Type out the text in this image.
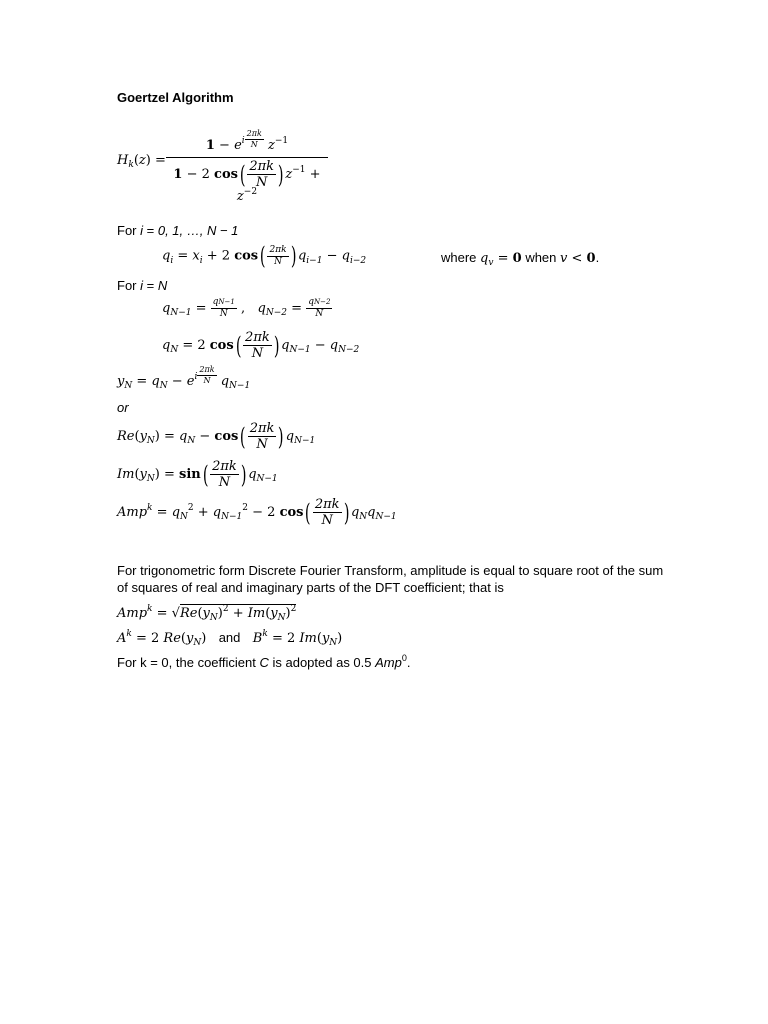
Goertzel Algorithm
$H_k(z)$ =
$1 - e^i \frac{2\pi k}{N} z^{-1}$
1 − 2 $\cos( \frac{2\pi k}{N}$ ) $z^{-1} + z^{-2}$
For i = 0, 1, …, N − 1
$q_i = x_i + 2$ $\cos( \frac{2\pi k}{N}$ ) $q_{i-1} - q_{i-2}$	where $q_v = 0$ when v < 0.
For i = N
$q_{N-1} = \frac{qN-1}{N}$ ,   $q_{N-2} = \frac{qN-2}{N}$
$q_N = 2$ $\cos( \frac{2\pi k}{N}$ ) $q_{N-1} - q_{N-2}$
$y_N = q_N - e^i \frac{2\pi k}{N} q_{N-1}$
or
$Re(y_N) = q_N - \cos( \frac{2\pi k}{N}$ ) $q_{N-1}$
$Im(y_N) = \sin( \frac{2\pi k}{N}$ ) $q_{N-1}$
$Amp^k = q_N^2 + q_{N-1}^2 - 2$ $\cos( \frac{2\pi k}{N}$ ) $q_Nq_{N-1}$
For trigonometric form Discrete Fourier Transform, amplitude is equal to square root of the sum of squares of real and imaginary parts of the DFT coefficient; that is
$Amp^k = √Re(y_N)^2 + Im(y_N)^2$
$A^k = 2$ $Re(y_N)$   and $B^k = 2$ $Im(y_N)$
For k = 0, the coefficient C is adopted as 0.5 Amp$^0$.
